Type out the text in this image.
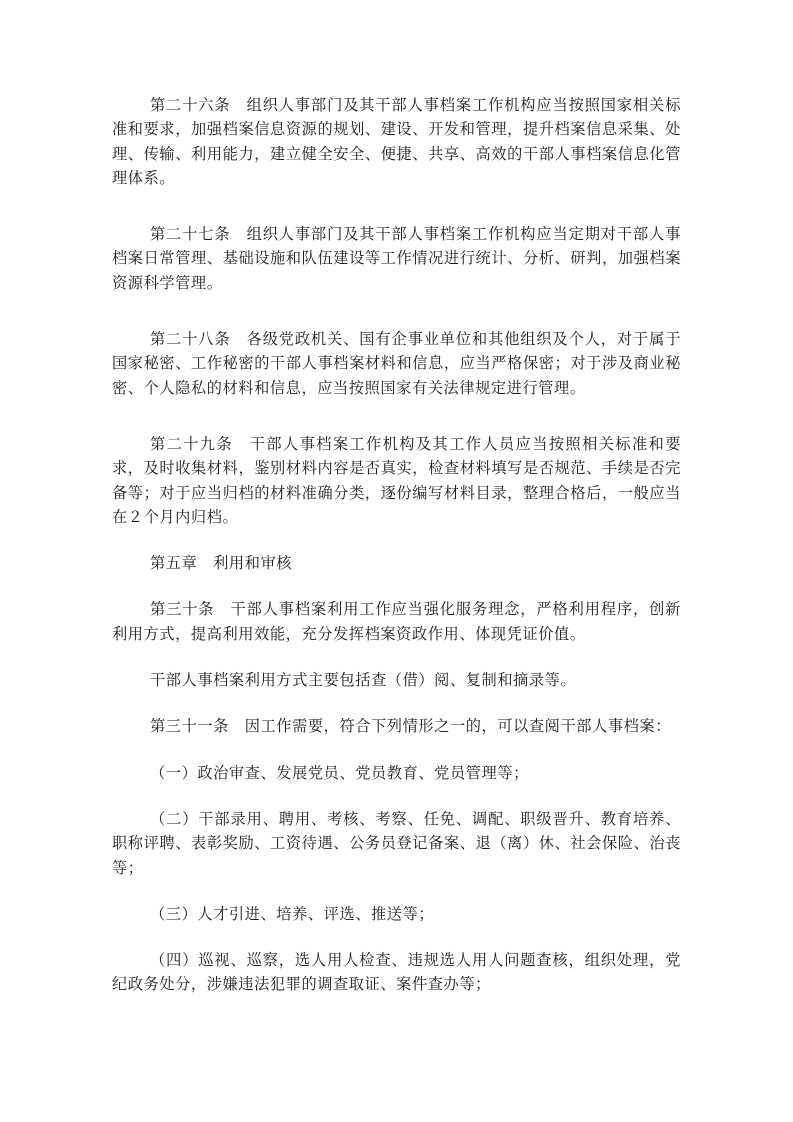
第二十六条　组织人事部门及其干部人事档案工作机构应当按照国家相关标准和要求，加强档案信息资源的规划、建设、开发和管理，提升档案信息采集、处理、传输、利用能力，建立健全安全、便捷、共享、高效的干部人事档案信息化管理体系。

第二十七条　组织人事部门及其干部人事档案工作机构应当定期对干部人事档案日常管理、基础设施和队伍建设等工作情况进行统计、分析、研判，加强档案资源科学管理。

第二十八条　各级党政机关、国有企事业单位和其他组织及个人，对于属于国家秘密、工作秘密的干部人事档案材料和信息，应当严格保密；对于涉及商业秘密、个人隐私的材料和信息，应当按照国家有关法律规定进行管理。

第二十九条　干部人事档案工作机构及其工作人员应当按照相关标准和要求，及时收集材料，鉴别材料内容是否真实，检查材料填写是否规范、手续是否完备等；对于应当归档的材料准确分类，逐份编写材料目录，整理合格后，一般应当在２个月内归档。

第五章　利用和审核

第三十条　干部人事档案利用工作应当强化服务理念，严格利用程序，创新利用方式，提高利用效能，充分发挥档案资政作用、体现凭证价值。

干部人事档案利用方式主要包括查（借）阅、复制和摘录等。

第三十一条　因工作需要，符合下列情形之一的，可以查阅干部人事档案：

（一）政治审查、发展党员、党员教育、党员管理等；

（二）干部录用、聘用、考核、考察、任免、调配、职级晋升、教育培养、职称评聘、表彰奖励、工资待遇、公务员登记备案、退（离）休、社会保险、治丧等；

（三）人才引进、培养、评选、推送等；

（四）巡视、巡察，选人用人检查、违规选人用人问题查核，组织处理，党纪政务处分，涉嫌违法犯罪的调查取证、案件查办等；
